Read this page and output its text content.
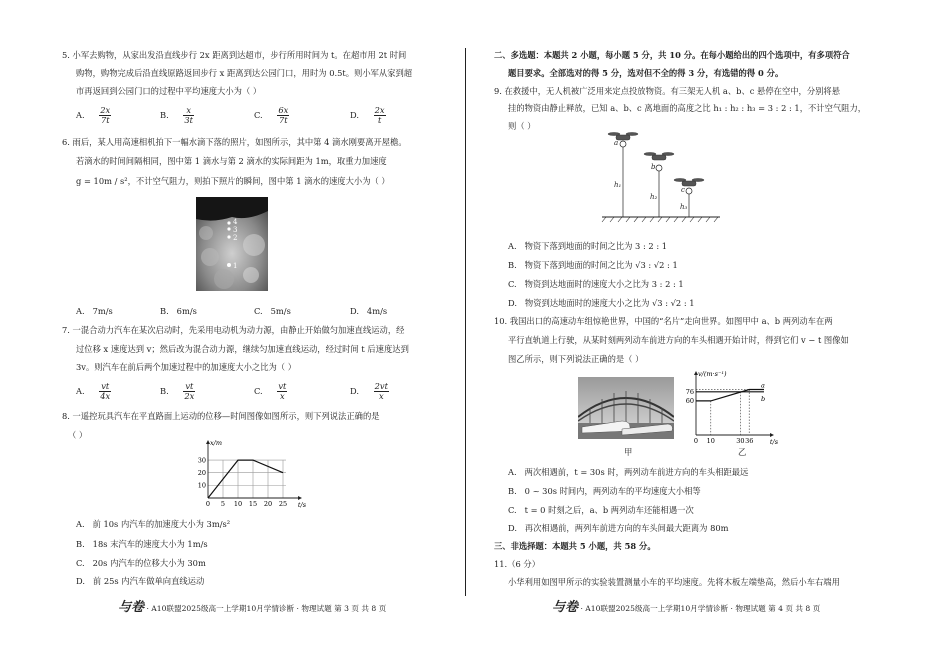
5. 小军去购物，从家出发沿直线步行 2x 距离到达超市，步行所用时间为 t。在超市用 2t 时间
购物，购物完成后沿直线原路返回步行 x 距离到达公园门口，用时为 0.5t。则小军从家到超
市再返回到公园门口的过程中平均速度大小为（ ）
A. $\frac{2x}{7t}$	B. $\frac{x}{3t}$	C. $\frac{6x}{7t}$	D. $\frac{2x}{t}$
6. 雨后，某人用高速相机拍下一幅水滴下落的照片，如图所示，其中第 4 滴水刚要离开屋檐。
若滴水的时间间隔相同，图中第 1 滴水与第 2 滴水的实际间距为 1m，取重力加速度
g = 10m / s²，不计空气阻力，则拍下照片的瞬间，图中第 1 滴水的速度大小为（ ）
4
3
2
1
A. 7m/s	B. 6m/s	C. 5m/s	D. 4m/s
7. 一混合动力汽车在某次启动时，先采用电动机为动力源，由静止开始做匀加速直线运动，经
过位移 x 速度达到 v；然后改为混合动力源，继续匀加速直线运动，经过时间 t 后速度达到
3v。则汽车在前后两个加速过程中的加速度大小之比为（ ）
A. $\frac{vt}{4x}$	B. $\frac{vt}{2x}$	C. $\frac{vt}{x}$	D. $\frac{2vt}{x}$
8. 一遥控玩具汽车在平直路面上运动的位移—时间图像如图所示，则下列说法正确的是
（ ）
0 5 10 15 20 25
10
20
30
t/s
x/m
A. 前 10s 内汽车的加速度大小为 3m/s²
B. 18s 末汽车的速度大小为 1m/s
C. 20s 内汽车的位移大小为 30m
D. 前 25s 内汽车做单向直线运动
与卷 · A10联盟2025级高一上学期10月学情诊断 · 物理试题 第 3 页 共 8 页
二、多选题：本题共 2 小题，每小题 5 分，共 10 分。在每小题给出的四个选项中，有多项符合
题目要求。全部选对的得 5 分，选对但不全的得 3 分，有选错的得 0 分。
9. 在救援中，无人机被广泛用来定点投放物资。有三架无人机 a、b、c 悬停在空中，分别将悬
挂的物资由静止释放，已知 a、b、c 离地面的高度之比 h₁ : h₂ : h₃ = 3 : 2 : 1，不计空气阻力，
则（ ）
a
b
c
h₁
h₂
h₃
A. 物资下落到地面的时间之比为 3 : 2 : 1
B. 物资下落到地面的时间之比为 √3 : √2 : 1
C. 物资到达地面时的速度大小之比为 3 : 2 : 1
D. 物资到达地面时的速度大小之比为 √3 : √2 : 1
10. 我国出口的高速动车组惊艳世界，中国的“名片”走向世界。如图甲中 a、b 两列动车在两
平行直轨道上行驶，从某时刻两列动车前进方向的车头相遇开始计时，得到它们 v − t 图像如
图乙所示，则下列说法正确的是（ ）
0 10	30 36
60
76
t/s
v/(m·s⁻¹)
a
b
甲	乙
A. 两次相遇前，t = 30s 时，两列动车前进方向的车头相距最远
B. 0 ~ 30s 时间内，两列动车的平均速度大小相等
C. t = 0 时刻之后，a、b 两列动车还能相遇一次
D. 再次相遇前，两列车前进方向的车头间最大距离为 80m
三、非选择题：本题共 5 小题，共 58 分。
11.（6 分）
小华利用如图甲所示的实验装置测量小车的平均速度。先将木板左端垫高，然后小车右端用
与卷 · A10联盟2025级高一上学期10月学情诊断 · 物理试题 第 4 页 共 8 页
